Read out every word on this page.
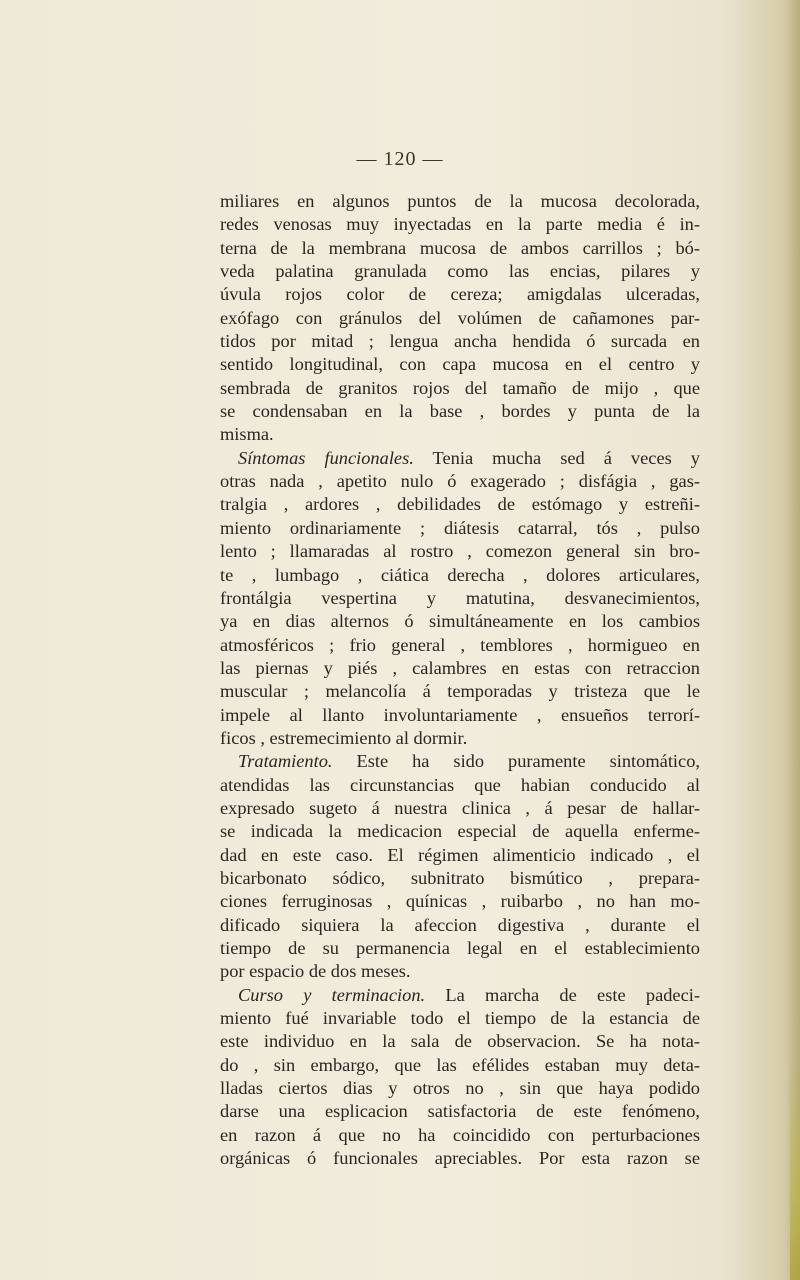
— 120 —
miliares en algunos puntos de la mucosa decolorada,
redes venosas muy inyectadas en la parte media é in-
terna de la membrana mucosa de ambos carrillos ; bó-
veda palatina granulada como las encias, pilares y
úvula rojos color de cereza; amigdalas ulceradas,
exófago con gránulos del volúmen de cañamones par-
tidos por mitad ; lengua ancha hendida ó surcada en
sentido longitudinal, con capa mucosa en el centro y
sembrada de granitos rojos del tamaño de mijo , que
se condensaban en la base , bordes y punta de la
misma.
Síntomas funcionales. Tenia mucha sed á veces y
otras nada , apetito nulo ó exagerado ; disfágia , gas-
tralgia , ardores , debilidades de estómago y estreñi-
miento ordinariamente ; diátesis catarral, tós , pulso
lento ; llamaradas al rostro , comezon general sin bro-
te , lumbago , ciática derecha , dolores articulares,
frontálgia vespertina y matutina, desvanecimientos,
ya en dias alternos ó simultáneamente en los cambios
atmosféricos ; frio general , temblores , hormigueo en
las piernas y piés , calambres en estas con retraccion
muscular ; melancolía á temporadas y tristeza que le
impele al llanto involuntariamente , ensueños terrorí-
ficos , estremecimiento al dormir.
Tratamiento. Este ha sido puramente sintomático,
atendidas las circunstancias que habian conducido al
expresado sugeto á nuestra clinica , á pesar de hallar-
se indicada la medicacion especial de aquella enferme-
dad en este caso. El régimen alimenticio indicado , el
bicarbonato sódico, subnitrato bismútico , prepara-
ciones ferruginosas , quínicas , ruibarbo , no han mo-
dificado siquiera la afeccion digestiva , durante el
tiempo de su permanencia legal en el establecimiento
por espacio de dos meses.
Curso y terminacion. La marcha de este padeci-
miento fué invariable todo el tiempo de la estancia de
este individuo en la sala de observacion. Se ha nota-
do , sin embargo, que las efélides estaban muy deta-
lladas ciertos dias y otros no , sin que haya podido
darse una esplicacion satisfactoria de este fenómeno,
en razon á que no ha coincidido con perturbaciones
orgánicas ó funcionales apreciables. Por esta razon se
